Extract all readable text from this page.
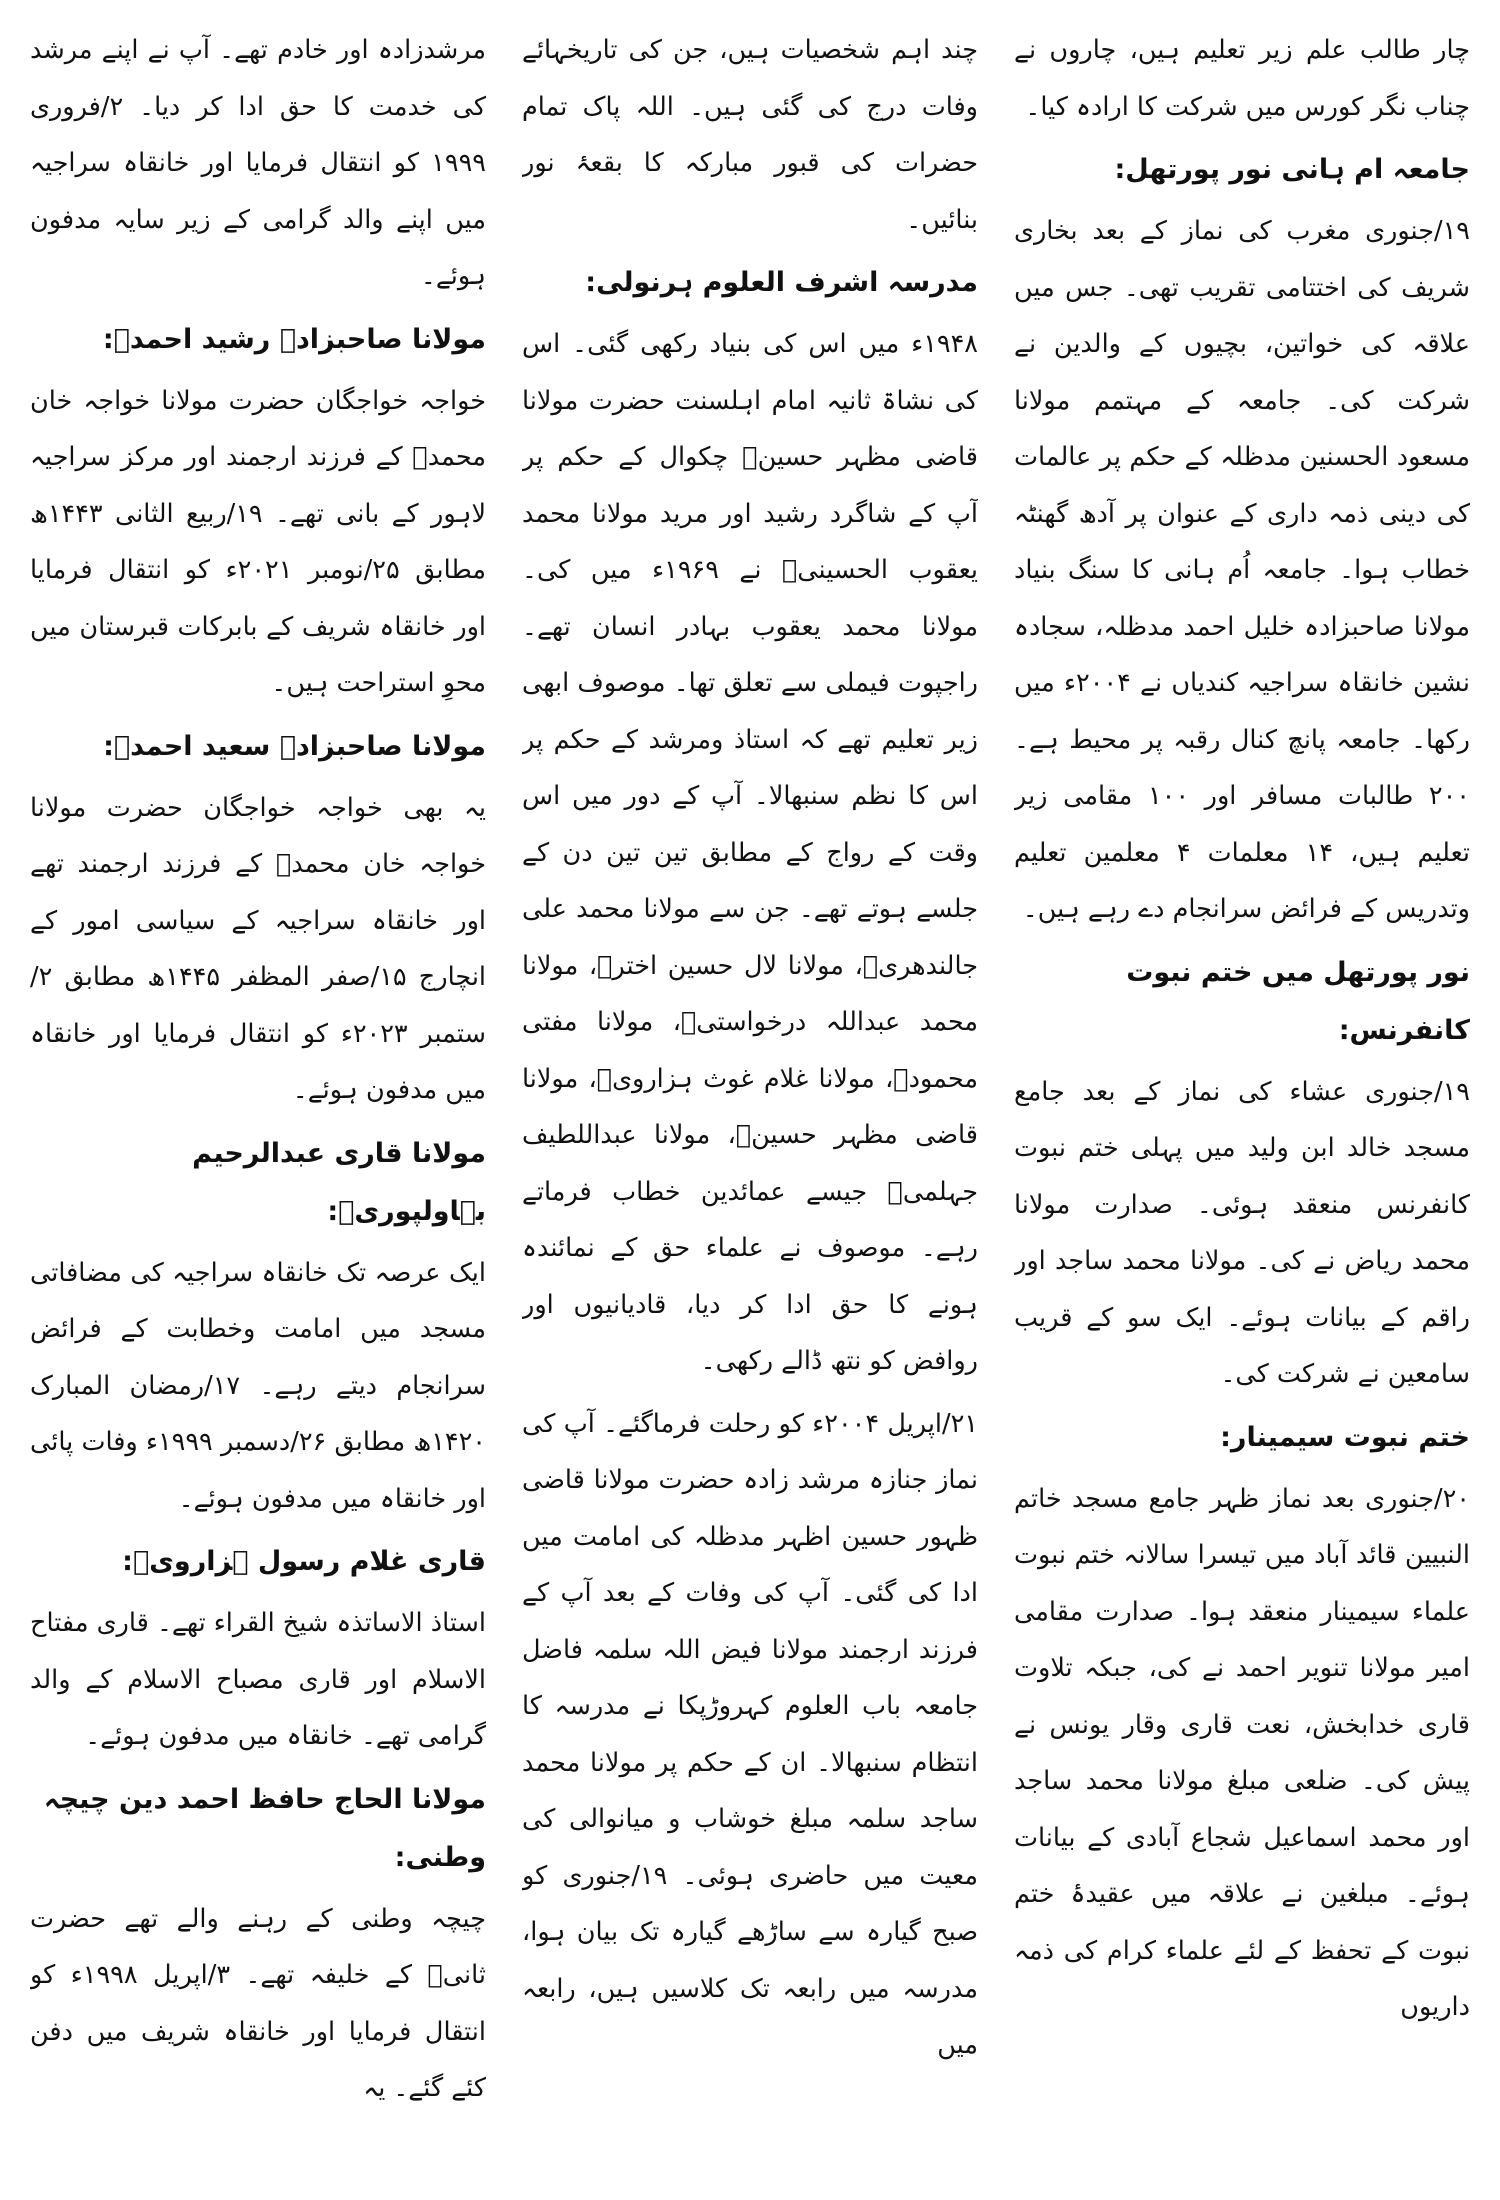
مرشدزادہ اور خادم تھے۔ آپ نے اپنے مرشد کی خدمت کا حق ادا کر دیا۔ ۲/فروری ۱۹۹۹ کو انتقال فرمایا اور خانقاہ سراجیہ میں اپنے والد گرامی کے زیر سایہ مدفون ہوئے۔

مولانا صاحبزادہ رشید احمدؒ:

خواجہ خواجگان حضرت مولانا خواجہ خان محمدؒ کے فرزند ارجمند اور مرکز سراجیہ لاہور کے بانی تھے۔ ۱۹/ربیع الثانی ۱۴۴۳ھ مطابق ۲۵/نومبر ۲۰۲۱ء کو انتقال فرمایا اور خانقاہ شریف کے بابرکات قبرستان میں محوِ استراحت ہیں۔

مولانا صاحبزادہ سعید احمدؒ:

یہ بھی خواجہ خواجگان حضرت مولانا خواجہ خان محمدؒ کے فرزند ارجمند تھے اور خانقاہ سراجیہ کے سیاسی امور کے انچارج ۱۵/صفر المظفر ۱۴۴۵ھ مطابق ۲/ستمبر ۲۰۲۳ء کو انتقال فرمایا اور خانقاہ میں مدفون ہوئے۔

مولانا قاری عبدالرحیم بہاولپوریؒ:

ایک عرصہ تک خانقاہ سراجیہ کی مضافاتی مسجد میں امامت وخطابت کے فرائض سرانجام دیتے رہے۔ ۱۷/رمضان المبارک ۱۴۲۰ھ مطابق ۲۶/دسمبر ۱۹۹۹ء وفات پائی اور خانقاہ میں مدفون ہوئے۔

قاری غلام رسول ہزارویؒ:

استاذ الاساتذہ شیخ القراء تھے۔ قاری مفتاح الاسلام اور قاری مصباح الاسلام کے والد گرامی تھے۔ خانقاہ میں مدفون ہوئے۔

مولانا الحاج حافظ احمد دین چیچہ وطنی:

چیچہ وطنی کے رہنے والے تھے حضرت ثانیؒ کے خلیفہ تھے۔ ۳/اپریل ۱۹۹۸ء کو انتقال فرمایا اور خانقاہ شریف میں دفن کئے گئے۔ یہ

چند اہم شخصیات ہیں، جن کی تاریخہائے وفات درج کی گئی ہیں۔ اللہ پاک تمام حضرات کی قبور مبارکہ کا بقعۂ نور بنائیں۔

مدرسہ اشرف العلوم ہرنولی:

۱۹۴۸ء میں اس کی بنیاد رکھی گئی۔ اس کی نشاۃ ثانیہ امام اہلسنت حضرت مولانا قاضی مظہر حسینؒ چکوال کے حکم پر آپ کے شاگرد رشید اور مرید مولانا محمد یعقوب الحسینیؒ نے ۱۹۶۹ء میں کی۔ مولانا محمد یعقوب بہادر انسان تھے۔ راجپوت فیملی سے تعلق تھا۔ موصوف ابھی زیر تعلیم تھے کہ استاذ ومرشد کے حکم پر اس کا نظم سنبھالا۔ آپ کے دور میں اس وقت کے رواج کے مطابق تین تین دن کے جلسے ہوتے تھے۔ جن سے مولانا محمد علی جالندھریؒ، مولانا لال حسین اخترؒ، مولانا محمد عبداللہ درخواستیؒ، مولانا مفتی محمودؒ، مولانا غلام غوث ہزارویؒ، مولانا قاضی مظہر حسینؒ، مولانا عبداللطیف جہلمیؒ جیسے عمائدین خطاب فرماتے رہے۔ موصوف نے علماء حق کے نمائندہ ہونے کا حق ادا کر دیا، قادیانیوں اور روافض کو نتھ ڈالے رکھی۔

۲۱/اپریل ۲۰۰۴ء کو رحلت فرماگئے۔ آپ کی نماز جنازہ مرشد زادہ حضرت مولانا قاضی ظہور حسین اظہر مدظلہ کی امامت میں ادا کی گئی۔ آپ کی وفات کے بعد آپ کے فرزند ارجمند مولانا فیض اللہ سلمہ فاضل جامعہ باب العلوم کہروڑپکا نے مدرسہ کا انتظام سنبھالا۔ ان کے حکم پر مولانا محمد ساجد سلمہ مبلغ خوشاب و میانوالی کی معیت میں حاضری ہوئی۔ ۱۹/جنوری کو صبح گیارہ سے ساڑھے گیارہ تک بیان ہوا، مدرسہ میں رابعہ تک کلاسیں ہیں، رابعہ میں

چار طالب علم زیر تعلیم ہیں، چاروں نے چناب نگر کورس میں شرکت کا ارادہ کیا۔

جامعہ ام ہانی نور پورتھل:

۱۹/جنوری مغرب کی نماز کے بعد بخاری شریف کی اختتامی تقریب تھی۔ جس میں علاقہ کی خواتین، بچیوں کے والدین نے شرکت کی۔ جامعہ کے مہتمم مولانا مسعود الحسنین مدظلہ کے حکم پر عالمات کی دینی ذمہ داری کے عنوان پر آدھ گھنٹہ خطاب ہوا۔ جامعہ اُم ہانی کا سنگ بنیاد مولانا صاحبزادہ خلیل احمد مدظلہ، سجادہ نشین خانقاہ سراجیہ کندیاں نے ۲۰۰۴ء میں رکھا۔ جامعہ پانچ کنال رقبہ پر محیط ہے۔ ۲۰۰ طالبات مسافر اور ۱۰۰ مقامی زیر تعلیم ہیں، ۱۴ معلمات ۴ معلمین تعلیم وتدریس کے فرائض سرانجام دے رہے ہیں۔

نور پورتھل میں ختم نبوت کانفرنس:

۱۹/جنوری عشاء کی نماز کے بعد جامع مسجد خالد ابن ولید میں پہلی ختم نبوت کانفرنس منعقد ہوئی۔ صدارت مولانا محمد ریاض نے کی۔ مولانا محمد ساجد اور راقم کے بیانات ہوئے۔ ایک سو کے قریب سامعین نے شرکت کی۔

ختم نبوت سیمینار:

۲۰/جنوری بعد نماز ظہر جامع مسجد خاتم النبیین قائد آباد میں تیسرا سالانہ ختم نبوت علماء سیمینار منعقد ہوا۔ صدارت مقامی امیر مولانا تنویر احمد نے کی، جبکہ تلاوت قاری خدابخش، نعت قاری وقار یونس نے پیش کی۔ ضلعی مبلغ مولانا محمد ساجد اور محمد اسماعیل شجاع آبادی کے بیانات ہوئے۔ مبلغین نے علاقہ میں عقیدۂ ختم نبوت کے تحفظ کے لئے علماء کرام کی ذمہ داریوں
